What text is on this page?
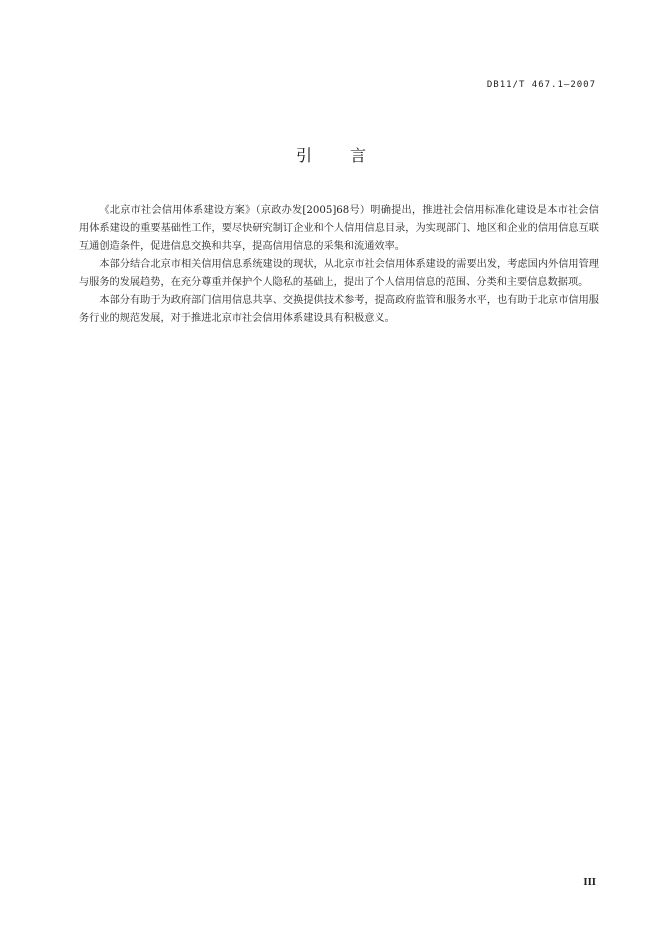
DB11/T 467.1—2007
引言

《北京市社会信用体系建设方案》（京政办发[2005]68号）明确提出，推进社会信用标准化建设是本市社会信用体系建设的重要基础性工作，要尽快研究制订企业和个人信用信息目录，为实现部门、地区和企业的信用信息互联互通创造条件，促进信息交换和共享，提高信用信息的采集和流通效率。

本部分结合北京市相关信用信息系统建设的现状，从北京市社会信用体系建设的需要出发，考虑国内外信用管理与服务的发展趋势，在充分尊重并保护个人隐私的基础上，提出了个人信用信息的范围、分类和主要信息数据项。

本部分有助于为政府部门信用信息共享、交换提供技术参考，提高政府监管和服务水平，也有助于北京市信用服务行业的规范发展，对于推进北京市社会信用体系建设具有积极意义。

III
